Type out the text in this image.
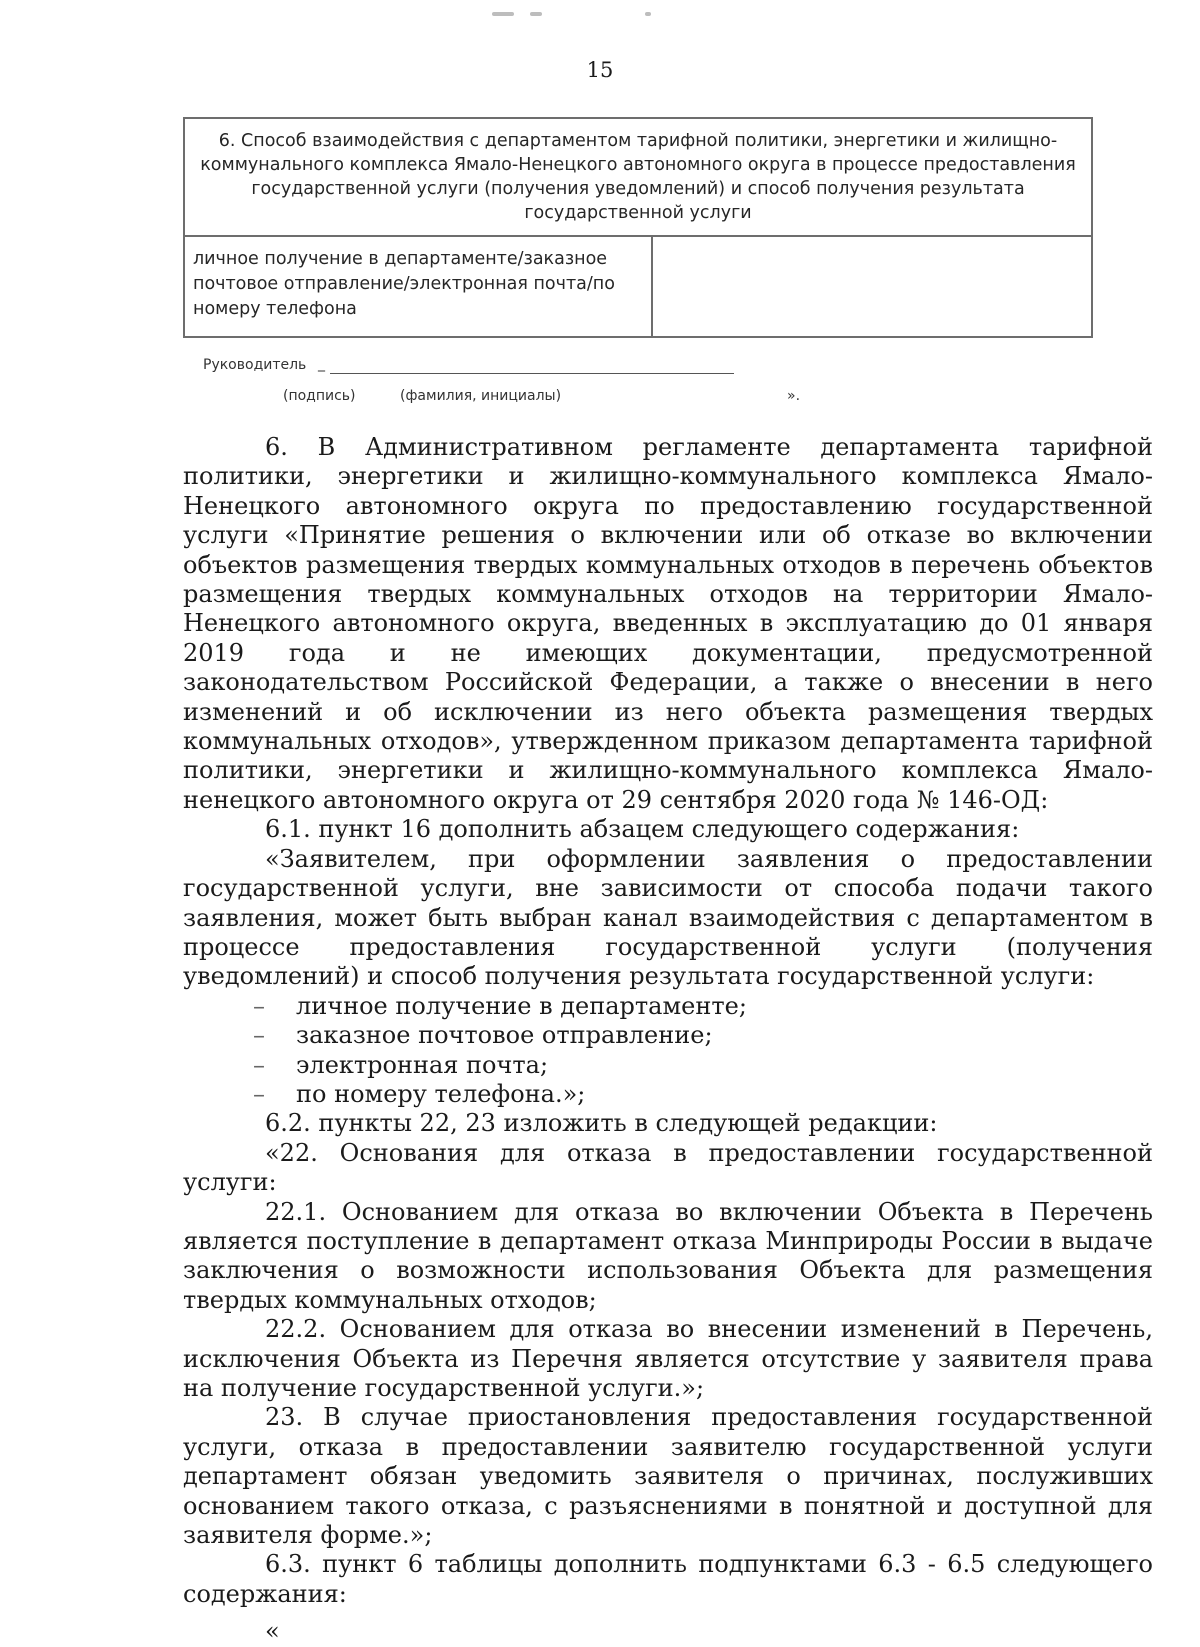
15
6. Способ взаимодействия с департаментом тарифной политики, энергетики и жилищно-коммунального комплекса Ямало-Ненецкого автономного округа в процессе предоставления государственной услуги (получения уведомлений) и способ получения результата государственной услуги
личное получение в департаменте/заказное почтовое отправление/электронная почта/по номеру телефона
Руководитель _
(подпись)	(фамилия, инициалы)	».

6. В Административном регламенте департамента тарифной политики, энергетики и жилищно-коммунального комплекса Ямало-Ненецкого автономного округа по предоставлению государственной услуги «Принятие решения о включении или об отказе во включении объектов размещения твердых коммунальных отходов в перечень объектов размещения твердых коммунальных отходов на территории Ямало-Ненецкого автономного округа, введенных в эксплуатацию до 01 января 2019 года и не имеющих документации, предусмотренной законодательством Российской Федерации, а также о внесении в него изменений и об исключении из него объекта размещения твердых коммунальных отходов», утвержденном приказом департамента тарифной политики, энергетики и жилищно-коммунального комплекса Ямало-ненецкого автономного округа от 29 сентября 2020 года № 146-ОД:

6.1. пункт 16 дополнить абзацем следующего содержания:

«Заявителем, при оформлении заявления о предоставлении государственной услуги, вне зависимости от способа подачи такого заявления, может быть выбран канал взаимодействия с департаментом в процессе предоставления государственной услуги (получения уведомлений) и способ получения результата государственной услуги:

– личное получение в департаменте;

– заказное почтовое отправление;

– электронная почта;

– по номеру телефона.»;

6.2. пункты 22, 23 изложить в следующей редакции:

«22. Основания для отказа в предоставлении государственной услуги:

22.1. Основанием для отказа во включении Объекта в Перечень является поступление в департамент отказа Минприроды России в выдаче заключения о возможности использования Объекта для размещения твердых коммунальных отходов;

22.2. Основанием для отказа во внесении изменений в Перечень, исключения Объекта из Перечня является отсутствие у заявителя права на получение государственной услуги.»;

23. В случае приостановления предоставления государственной услуги, отказа в предоставлении заявителю государственной услуги департамент обязан уведомить заявителя о причинах, послуживших основанием такого отказа, с разъяснениями в понятной и доступной для заявителя форме.»;

6.3. пункт 6 таблицы дополнить подпунктами 6.3 - 6.5 следующего содержания:

«
